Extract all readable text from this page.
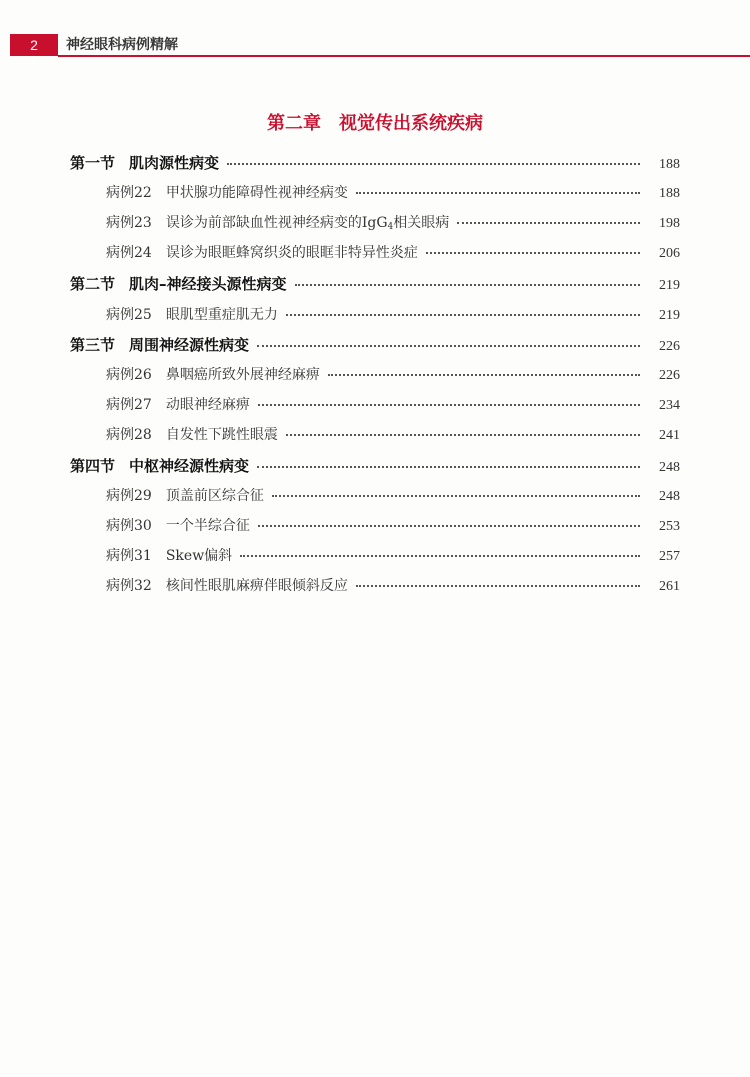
2	神经眼科病例精解
第二章　视觉传出系统疾病
第一节 肌肉源性病变	188
病例22 甲状腺功能障碍性视神经病变	188
病例23 误诊为前部缺血性视神经病变的IgG$_4$相关眼病	198
病例24 误诊为眼眶蜂窝织炎的眼眶非特异性炎症	206
第二节 肌肉–神经接头源性病变	219
病例25 眼肌型重症肌无力	219
第三节 周围神经源性病变	226
病例26 鼻咽癌所致外展神经麻痹	226
病例27 动眼神经麻痹	234
病例28 自发性下跳性眼震	241
第四节 中枢神经源性病变	248
病例29 顶盖前区综合征	248
病例30 一个半综合征	253
病例31 Skew偏斜	257
病例32 核间性眼肌麻痹伴眼倾斜反应	261
